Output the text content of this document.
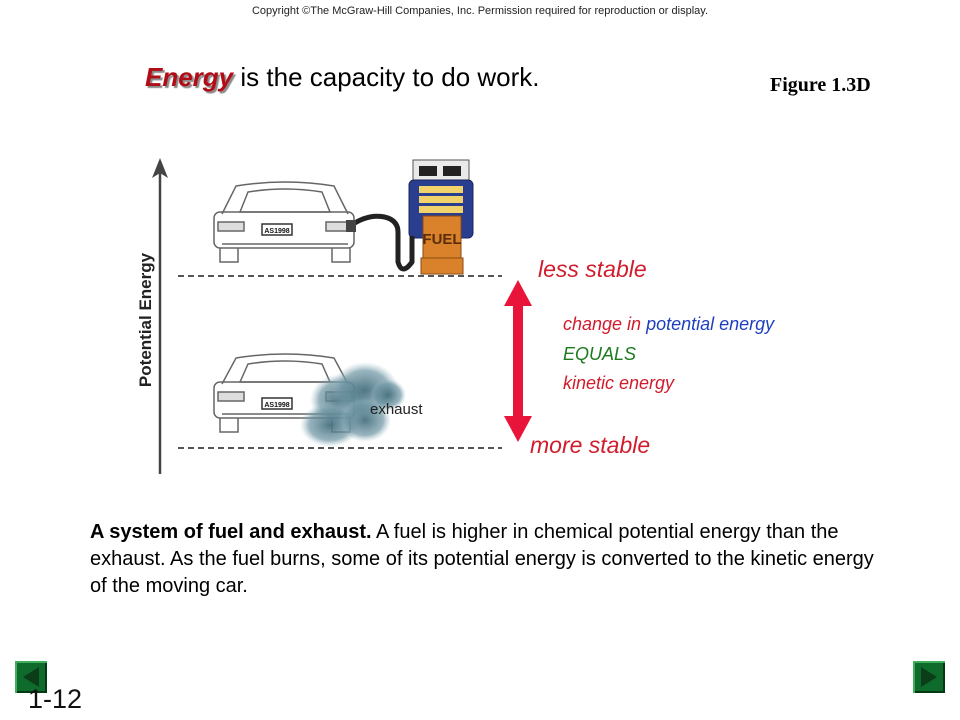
Copyright ©The McGraw-Hill Companies, Inc. Permission required for reproduction or display.
Energy is the capacity to do work.	Figure 1.3D
Potential Energy
AS1998	FUEL
AS1998	exhaust
less stable
more stable
change in potential energy
EQUALS
kinetic energy
A system of fuel and exhaust. A fuel is higher in chemical potential energy than the exhaust. As the fuel burns, some of its potential energy is converted to the kinetic energy of the moving car.
1-12
